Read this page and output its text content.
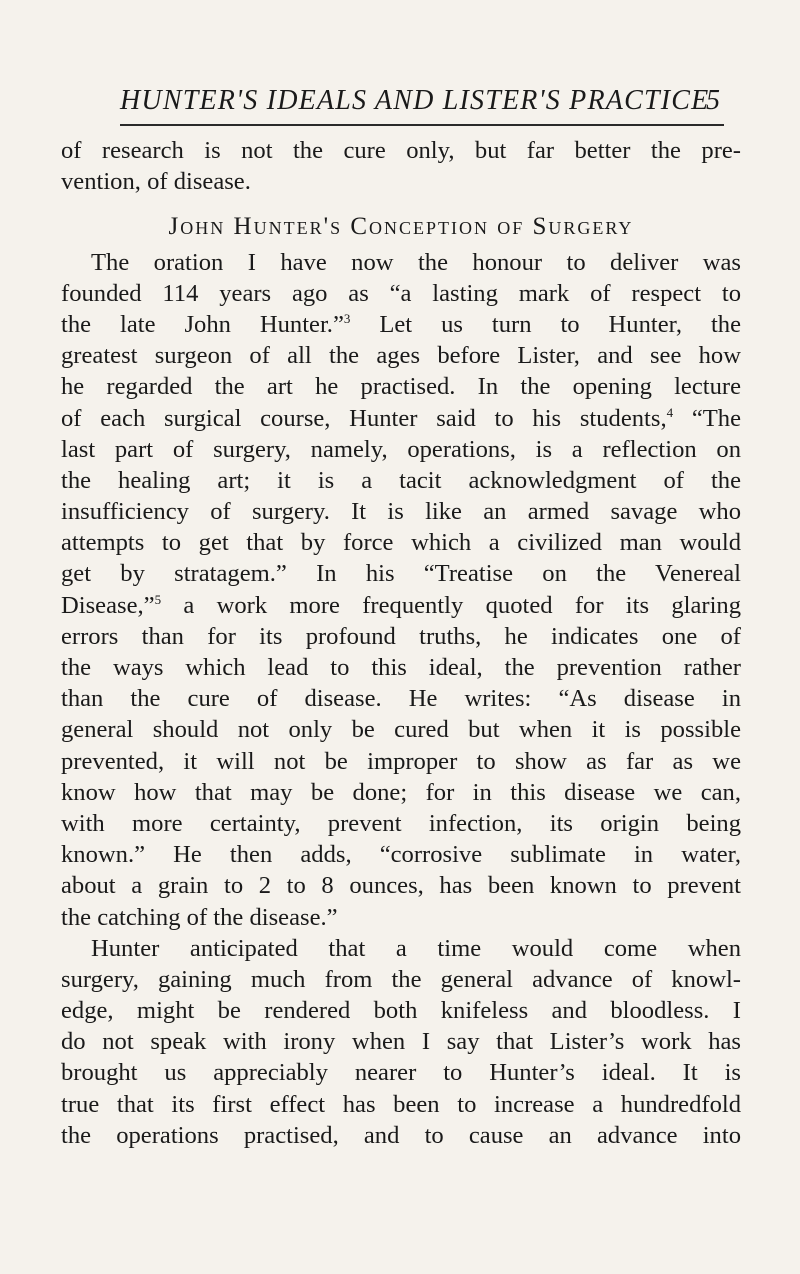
HUNTER'S IDEALS AND LISTER'S PRACTICE
5
of research is not the cure only, but far better the pre-
vention, of disease.
John Hunter's Conception of Surgery
The oration I have now the honour to deliver was
founded 114 years ago as “a lasting mark of respect to
the late John Hunter.”$^3$ Let us turn to Hunter, the
greatest surgeon of all the ages before Lister, and see how
he regarded the art he practised. In the opening lecture
of each surgical course, Hunter said to his students,$^4$ “The
last part of surgery, namely, operations, is a reflection on
the healing art; it is a tacit acknowledgment of the
insufficiency of surgery. It is like an armed savage who
attempts to get that by force which a civilized man would
get by stratagem.” In his “Treatise on the Venereal
Disease,”$^5$ a work more frequently quoted for its glaring
errors than for its profound truths, he indicates one of
the ways which lead to this ideal, the prevention rather
than the cure of disease. He writes: “As disease in
general should not only be cured but when it is possible
prevented, it will not be improper to show as far as we
know how that may be done; for in this disease we can,
with more certainty, prevent infection, its origin being
known.” He then adds, “corrosive sublimate in water,
about a grain to 2 to 8 ounces, has been known to prevent
the catching of the disease.”
Hunter anticipated that a time would come when
surgery, gaining much from the general advance of knowl-
edge, might be rendered both knifeless and bloodless. I
do not speak with irony when I say that Lister’s work has
brought us appreciably nearer to Hunter’s ideal. It is
true that its first effect has been to increase a hundredfold
the operations practised, and to cause an advance into
